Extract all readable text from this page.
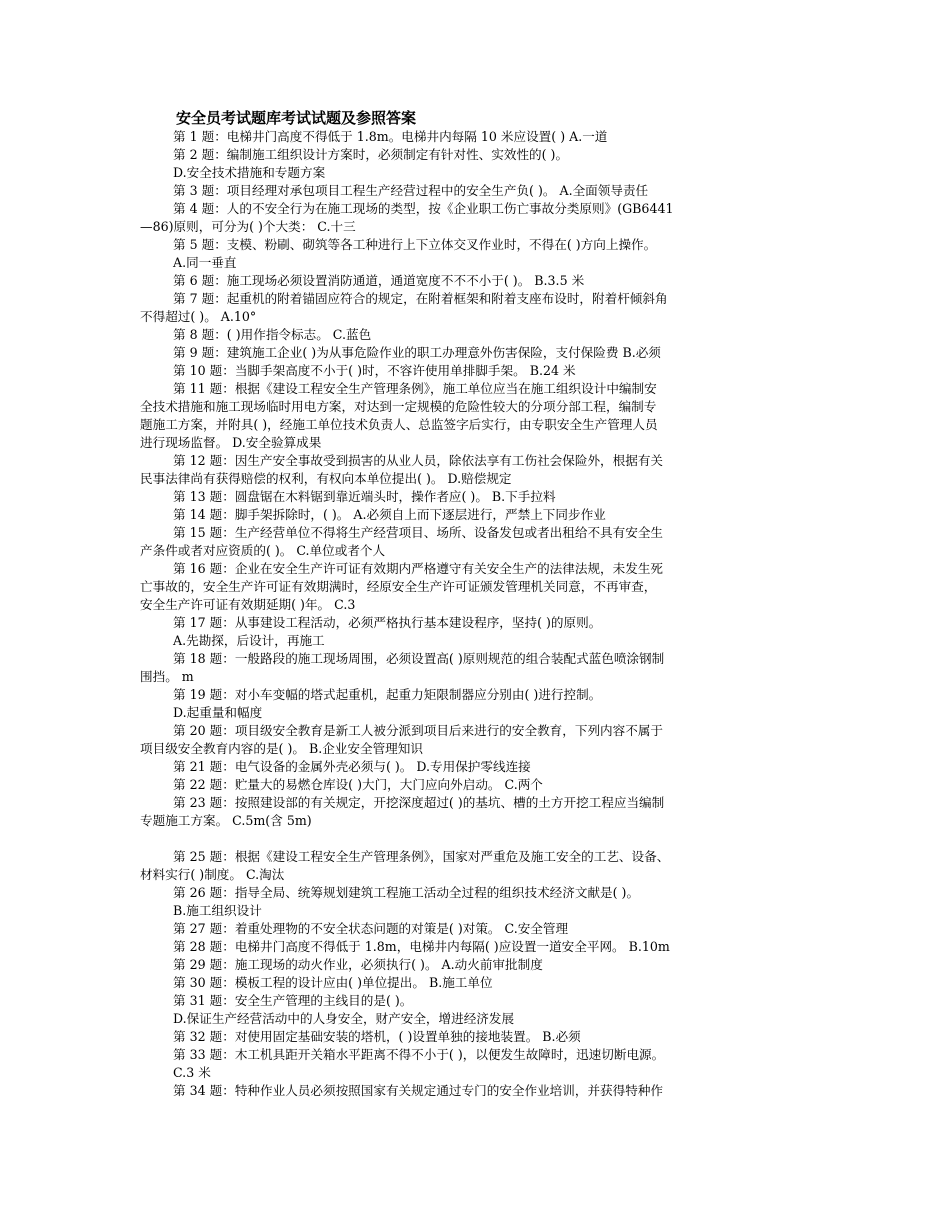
安全员考试题库考试试题及参照答案
第 1 题：电梯井门高度不得低于 1.8m。电梯井内每隔 10 米应设置( ) A.一道
第 2 题：编制施工组织设计方案时，必须制定有针对性、实效性的( )。
D.安全技术措施和专题方案
第 3 题：项目经理对承包项目工程生产经营过程中的安全生产负( )。 A.全面领导责任
第 4 题：人的不安全行为在施工现场的类型，按《企业职工伤亡事故分类原则》(GB6441
—86)原则，可分为( )个大类： C.十三
第 5 题：支模、粉刷、砌筑等各工种进行上下立体交叉作业时，不得在( )方向上操作。
A.同一垂直
第 6 题：施工现场必须设置消防通道，通道宽度不不不小于( )。 B.3.5 米
第 7 题：起重机的附着锚固应符合的规定，在附着框架和附着支座布设时，附着杆倾斜角
不得超过( )。 A.10°
第 8 题：( )用作指令标志。 C.蓝色
第 9 题：建筑施工企业( )为从事危险作业的职工办理意外伤害保险，支付保险费 B.必须
第 10 题：当脚手架高度不小于( )时，不容许使用单排脚手架。 B.24 米
第 11 题：根据《建设工程安全生产管理条例》，施工单位应当在施工组织设计中编制安
全技术措施和施工现场临时用电方案，对达到一定规模的危险性较大的分项分部工程，编制专
题施工方案，并附具( )，经施工单位技术负责人、总监签字后实行，由专职安全生产管理人员
进行现场监督。 D.安全验算成果
第 12 题：因生产安全事故受到损害的从业人员，除依法享有工伤社会保险外，根据有关
民事法律尚有获得赔偿的权利，有权向本单位提出( )。 D.赔偿规定
第 13 题：圆盘锯在木料锯到靠近端头时，操作者应( )。 B.下手拉料
第 14 题：脚手架拆除时，( )。 A.必须自上而下逐层进行，严禁上下同步作业
第 15 题：生产经营单位不得将生产经营项目、场所、设备发包或者出租给不具有安全生
产条件或者对应资质的( )。 C.单位或者个人
第 16 题：企业在安全生产许可证有效期内严格遵守有关安全生产的法律法规，未发生死
亡事故的，安全生产许可证有效期满时，经原安全生产许可证颁发管理机关同意，不再审查，
安全生产许可证有效期延期( )年。 C.3
第 17 题：从事建设工程活动，必须严格执行基本建设程序，坚持( )的原则。
A.先勘探，后设计，再施工
第 18 题：一般路段的施工现场周围，必须设置高( )原则规范的组合装配式蓝色喷涂钢制
围挡。 m
第 19 题：对小车变幅的塔式起重机，起重力矩限制器应分别由( )进行控制。
D.起重量和幅度
第 20 题：项目级安全教育是新工人被分派到项目后来进行的安全教育，下列内容不属于
项目级安全教育内容的是( )。 B.企业安全管理知识
第 21 题：电气设备的金属外壳必须与( )。 D.专用保护零线连接
第 22 题：贮量大的易燃仓库设( )大门，大门应向外启动。 C.两个
第 23 题：按照建设部的有关规定，开挖深度超过( )的基坑、槽的土方开挖工程应当编制
专题施工方案。 C.5m(含 5m)
第 25 题：根据《建设工程安全生产管理条例》，国家对严重危及施工安全的工艺、设备、
材料实行( )制度。 C.淘汰
第 26 题：指导全局、统筹规划建筑工程施工活动全过程的组织技术经济文献是( )。
B.施工组织设计
第 27 题：着重处理物的不安全状态问题的对策是( )对策。 C.安全管理
第 28 题：电梯井门高度不得低于 1.8m，电梯井内每隔( )应设置一道安全平网。 B.10m
第 29 题：施工现场的动火作业，必须执行( )。 A.动火前审批制度
第 30 题：模板工程的设计应由( )单位提出。 B.施工单位
第 31 题：安全生产管理的主线目的是( )。
D.保证生产经营活动中的人身安全，财产安全，增进经济发展
第 32 题：对使用固定基础安装的塔机，( )设置单独的接地装置。 B.必须
第 33 题：木工机具距开关箱水平距离不得不小于( )，以便发生故障时，迅速切断电源。
C.3 米
第 34 题：特种作业人员必须按照国家有关规定通过专门的安全作业培训，并获得特种作
